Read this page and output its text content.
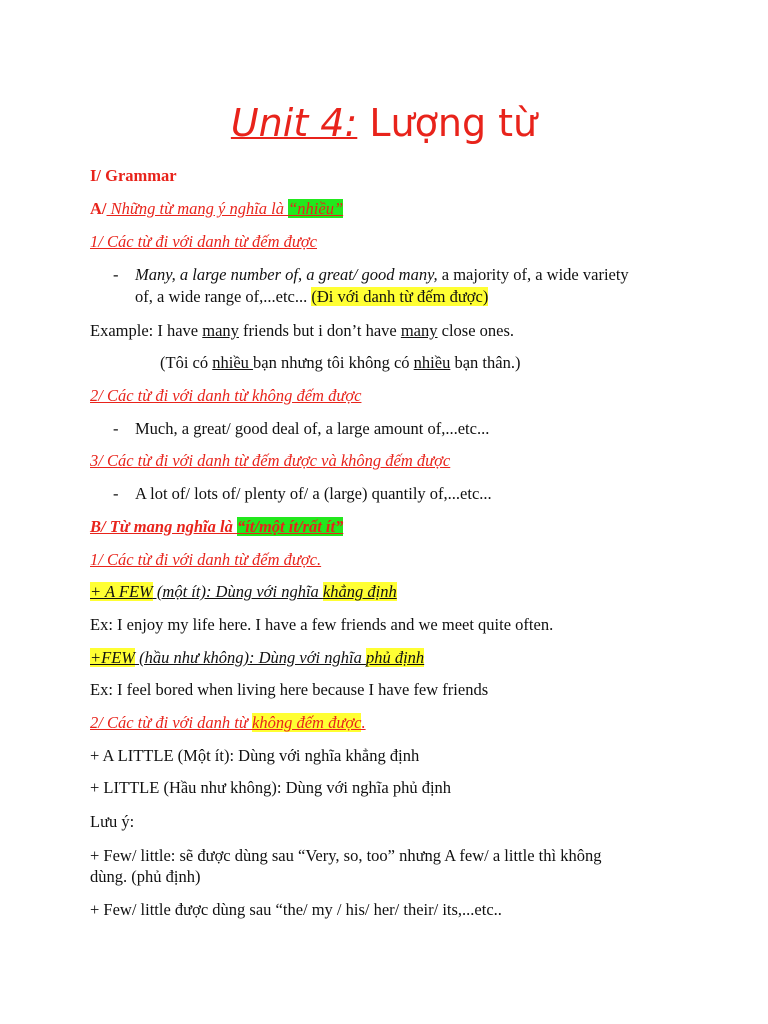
Unit 4: Lượng từ
I/ Grammar
A/ Những từ mang ý nghĩa là “nhiều”
1/ Các từ đi với danh từ đếm được
- Many, a large number of, a great/ good many, a majority of, a wide variety
of, a wide range of,...etc... (Đi với danh từ đếm được)
Example: I have many friends but i don’t have many close ones.
(Tôi có nhiều bạn nhưng tôi không có nhiều bạn thân.)
2/ Các từ đi với danh từ không đếm được
- Much, a great/ good deal of, a large amount of,...etc...
3/ Các từ đi với danh từ đếm được và không đếm được
- A lot of/ lots of/ plenty of/ a (large) quantily of,...etc...
B/ Từ mang nghĩa là “ít/một ít/rất ít”
1/ Các từ đi với danh từ đếm được.
+ A FEW (một ít): Dùng với nghĩa khẳng định
Ex: I enjoy my life here. I have a few friends and we meet quite often.
+FEW (hầu như không): Dùng với nghĩa phủ định
Ex: I feel bored when living here because I have few friends
2/ Các từ đi với danh từ không đếm được.
+ A LITTLE (Một ít): Dùng với nghĩa khẳng định
+ LITTLE (Hầu như không): Dùng với nghĩa phủ định
Lưu ý:
+ Few/ little: sẽ được dùng sau “Very, so, too” nhưng A few/ a little thì không
dùng. (phủ định)
+ Few/ little được dùng sau “the/ my / his/ her/ their/ its,...etc..
